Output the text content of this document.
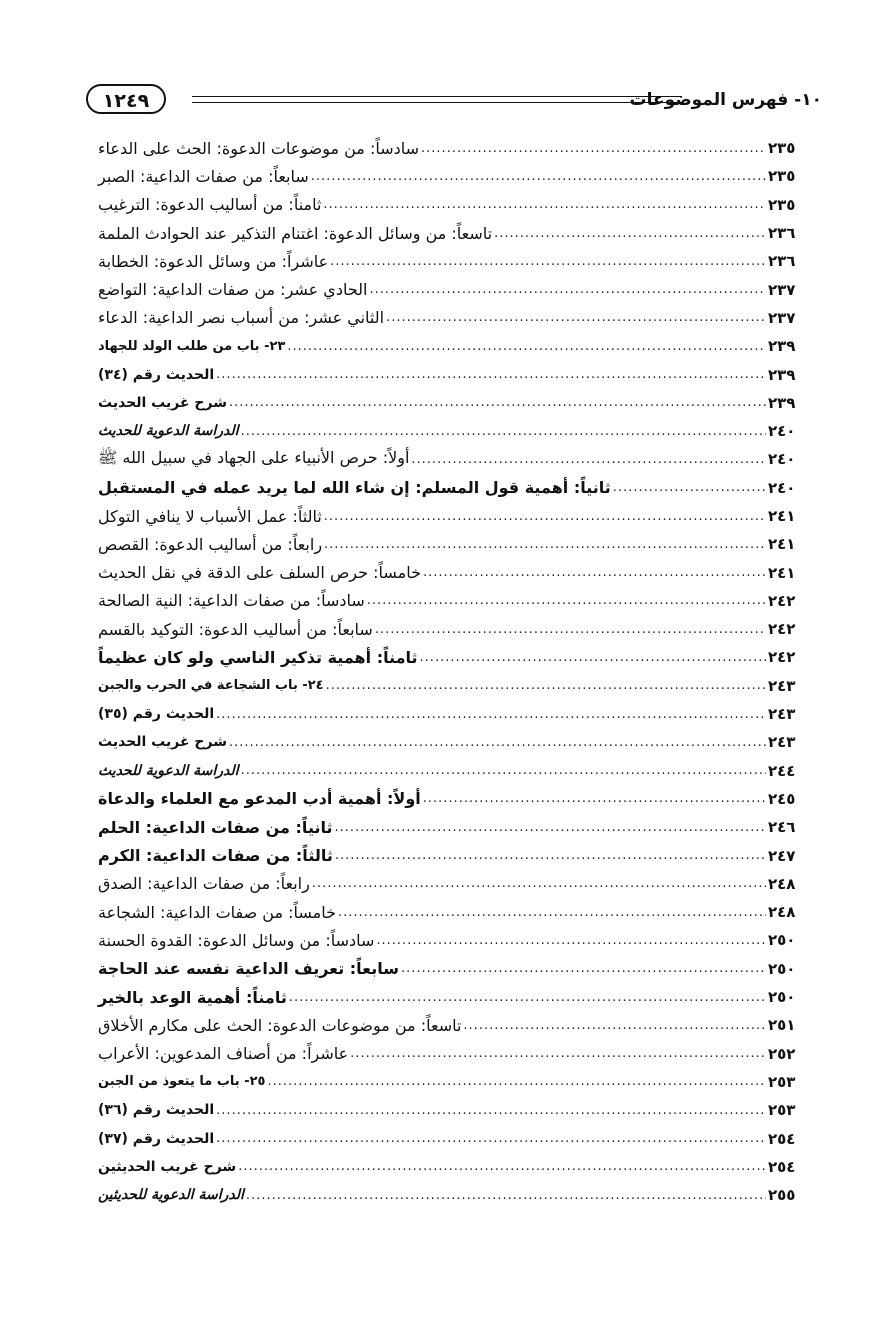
١٢٤٩	١٠- فهرس الموضوعات
سادساً: من موضوعات الدعوة: الحث على الدعاء .....	٢٣٥
سابعاً: من صفات الداعية: الصبر .....	٢٣٥
ثامناً: من أساليب الدعوة: الترغيب .....	٢٣٥
تاسعاً: من وسائل الدعوة: اغتنام التذكير عند الحوادث الملمة .....	٢٣٦
عاشراً: من وسائل الدعوة: الخطابة .....	٢٣٦
الحادي عشر: من صفات الداعية: التواضع .....	٢٣٧
الثاني عشر: من أسباب نصر الداعية: الدعاء .....	٢٣٧
٢٣- باب من طلب الولد للجهاد .....	٢٣٩
الحديث رقم (٣٤) .....	٢٣٩
شرح غريب الحديث .....	٢٣٩
الدراسة الدعوية للحديث .....	٢٤٠
أولاً: حرص الأنبياء على الجهاد في سبيل الله ﷺ .....	٢٤٠
ثانياً: أهمية قول المسلم: إن شاء الله لما يريد عمله في المستقبل .....	٢٤٠
ثالثاً: عمل الأسباب لا ينافي التوكل .....	٢٤١
رابعاً: من أساليب الدعوة: القصص .....	٢٤١
خامساً: حرص السلف على الدقة في نقل الحديث .....	٢٤١
سادساً: من صفات الداعية: النية الصالحة .....	٢٤٢
سابعاً: من أساليب الدعوة: التوكيد بالقسم .....	٢٤٢
ثامناً: أهمية تذكير الناسي ولو كان عظيماً .....	٢٤٢
٢٤- باب الشجاعة في الحرب والجبن .....	٢٤٣
الحديث رقم (٣٥) .....	٢٤٣
شرح غريب الحديث .....	٢٤٣
الدراسة الدعوية للحديث .....	٢٤٤
أولاً: أهمية أدب المدعو مع العلماء والدعاة .....	٢٤٥
ثانياً: من صفات الداعية: الحلم .....	٢٤٦
ثالثاً: من صفات الداعية: الكرم .....	٢٤٧
رابعاً: من صفات الداعية: الصدق .....	٢٤٨
خامساً: من صفات الداعية: الشجاعة .....	٢٤٨
سادساً: من وسائل الدعوة: القدوة الحسنة .....	٢٥٠
سابعاً: تعريف الداعية نفسه عند الحاجة .....	٢٥٠
ثامناً: أهمية الوعد بالخير .....	٢٥٠
تاسعاً: من موضوعات الدعوة: الحث على مكارم الأخلاق .....	٢٥١
عاشراً: من أصناف المدعوين: الأعراب .....	٢٥٢
٢٥- باب ما يتعوذ من الجبن .....	٢٥٣
الحديث رقم (٣٦) .....	٢٥٣
الحديث رقم (٣٧) .....	٢٥٤
شرح غريب الحديثين .....	٢٥٤
الدراسة الدعوية للحديثين .....	٢٥٥
